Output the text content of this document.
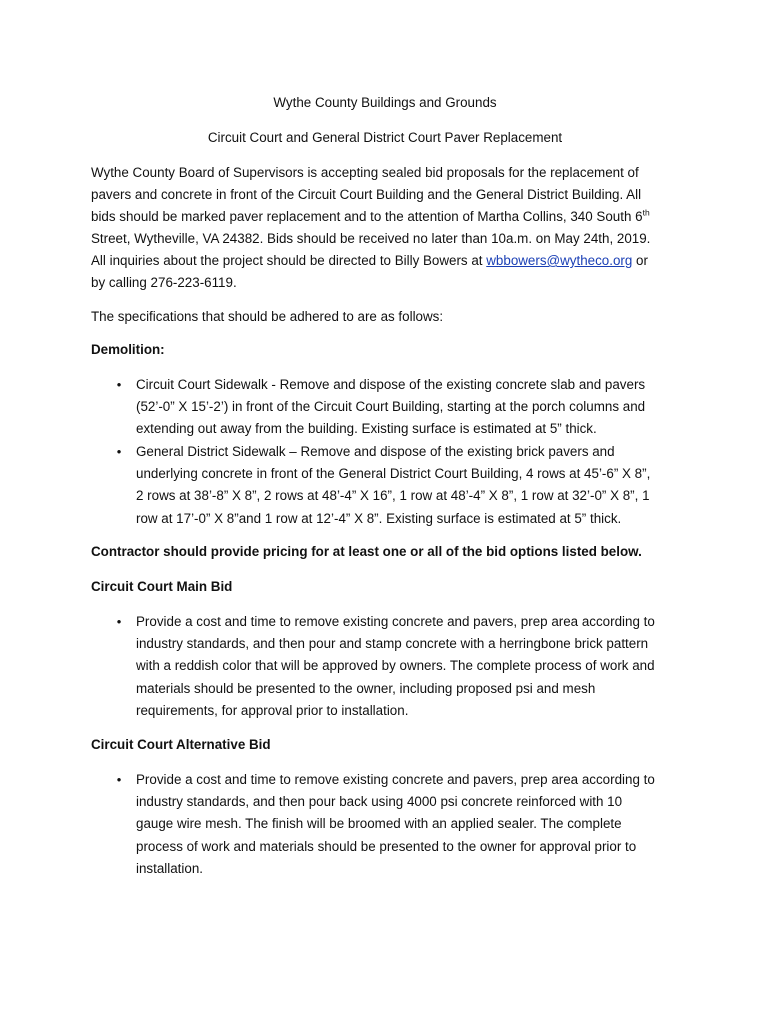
Wythe County Buildings and Grounds
Circuit Court and General District Court Paver Replacement
Wythe County Board of Supervisors is accepting sealed bid proposals for the replacement of
pavers and concrete in front of the Circuit Court Building and the General District Building. All
bids should be marked paver replacement and to the attention of Martha Collins, 340 South 6th
Street, Wytheville, VA 24382. Bids should be received no later than 10a.m. on May 24th, 2019.
All inquiries about the project should be directed to Billy Bowers at wbbowers@wytheco.org or
by calling 276-223-6119.
The specifications that should be adhered to are as follows:
Demolition:
• Circuit Court Sidewalk - Remove and dispose of the existing concrete slab and pavers
(52’-0” X 15’-2’) in front of the Circuit Court Building, starting at the porch columns and
extending out away from the building. Existing surface is estimated at 5” thick.
• General District Sidewalk – Remove and dispose of the existing brick pavers and
underlying concrete in front of the General District Court Building, 4 rows at 45’-6” X 8”,
2 rows at 38’-8” X 8”, 2 rows at 48’-4” X 16”, 1 row at 48’-4” X 8”, 1 row at 32’-0” X 8”, 1
row at 17’-0” X 8”and 1 row at 12’-4” X 8”. Existing surface is estimated at 5” thick.
Contractor should provide pricing for at least one or all of the bid options listed below.
Circuit Court Main Bid
• Provide a cost and time to remove existing concrete and pavers, prep area according to
industry standards, and then pour and stamp concrete with a herringbone brick pattern
with a reddish color that will be approved by owners. The complete process of work and
materials should be presented to the owner, including proposed psi and mesh
requirements, for approval prior to installation.
Circuit Court Alternative Bid
• Provide a cost and time to remove existing concrete and pavers, prep area according to
industry standards, and then pour back using 4000 psi concrete reinforced with 10
gauge wire mesh. The finish will be broomed with an applied sealer. The complete
process of work and materials should be presented to the owner for approval prior to
installation.
